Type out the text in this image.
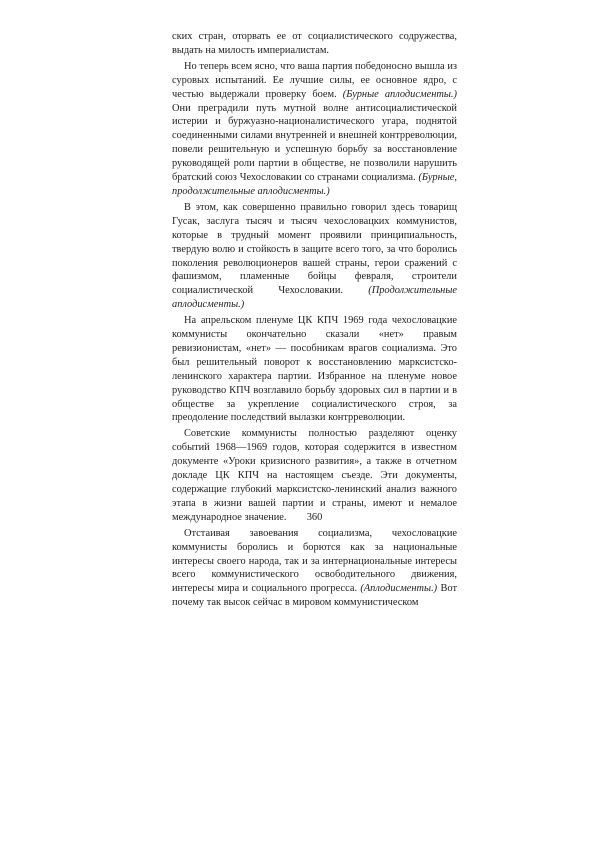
ских стран, оторвать ее от социалистического содружества, выдать на милость империалистам.

Но теперь всем ясно, что ваша партия победоносно вышла из суровых испытаний. Ее лучшие силы, ее основное ядро, с честью выдержали проверку боем. (Бурные аплодисменты.) Они преградили путь мутной волне антисоциалистической истерии и буржуазно-националистического угара, поднятой соединенными силами внутренней и внешней контрреволюции, повели решительную и успешную борьбу за восстановление руководящей роли партии в обществе, не позволили нарушить братский союз Чехословакии со странами социализма. (Бурные, продолжительные аплодисменты.)

В этом, как совершенно правильно говорил здесь товарищ Гусак, заслуга тысяч и тысяч чехословацких коммунистов, которые в трудный момент проявили принципиальность, твердую волю и стойкость в защите всего того, за что боролись поколения революционеров вашей страны, герои сражений с фашизмом, пламенные бойцы февраля, строители социалистической Чехословакии. (Продолжительные аплодисменты.)

На апрельском пленуме ЦК КПЧ 1969 года чехословацкие коммунисты окончательно сказали «нет» правым ревизионистам, «нет» — пособникам врагов социализма. Это был решительный поворот к восстановлению марксистско-ленинского характера партии. Избранное на пленуме новое руководство КПЧ возглавило борьбу здоровых сил в партии и в обществе за укрепление социалистического строя, за преодоление последствий вылазки контрреволюции.

Советские коммунисты полностью разделяют оценку событий 1968—1969 годов, которая содержится в известном документе «Уроки кризисного развития», а также в отчетном докладе ЦК КПЧ на настоящем съезде. Эти документы, содержащие глубокий марксистско-ленинский анализ важного этапа в жизни вашей партии и страны, имеют и немалое международное значение.

Отстаивая завоевания социализма, чехословацкие коммунисты боролись и борются как за национальные интересы своего народа, так и за интернациональные интересы всего коммунистического освободительного движения, интересы мира и социального прогресса. (Аплодисменты.) Вот почему так высок сейчас в мировом коммунистическом

360
